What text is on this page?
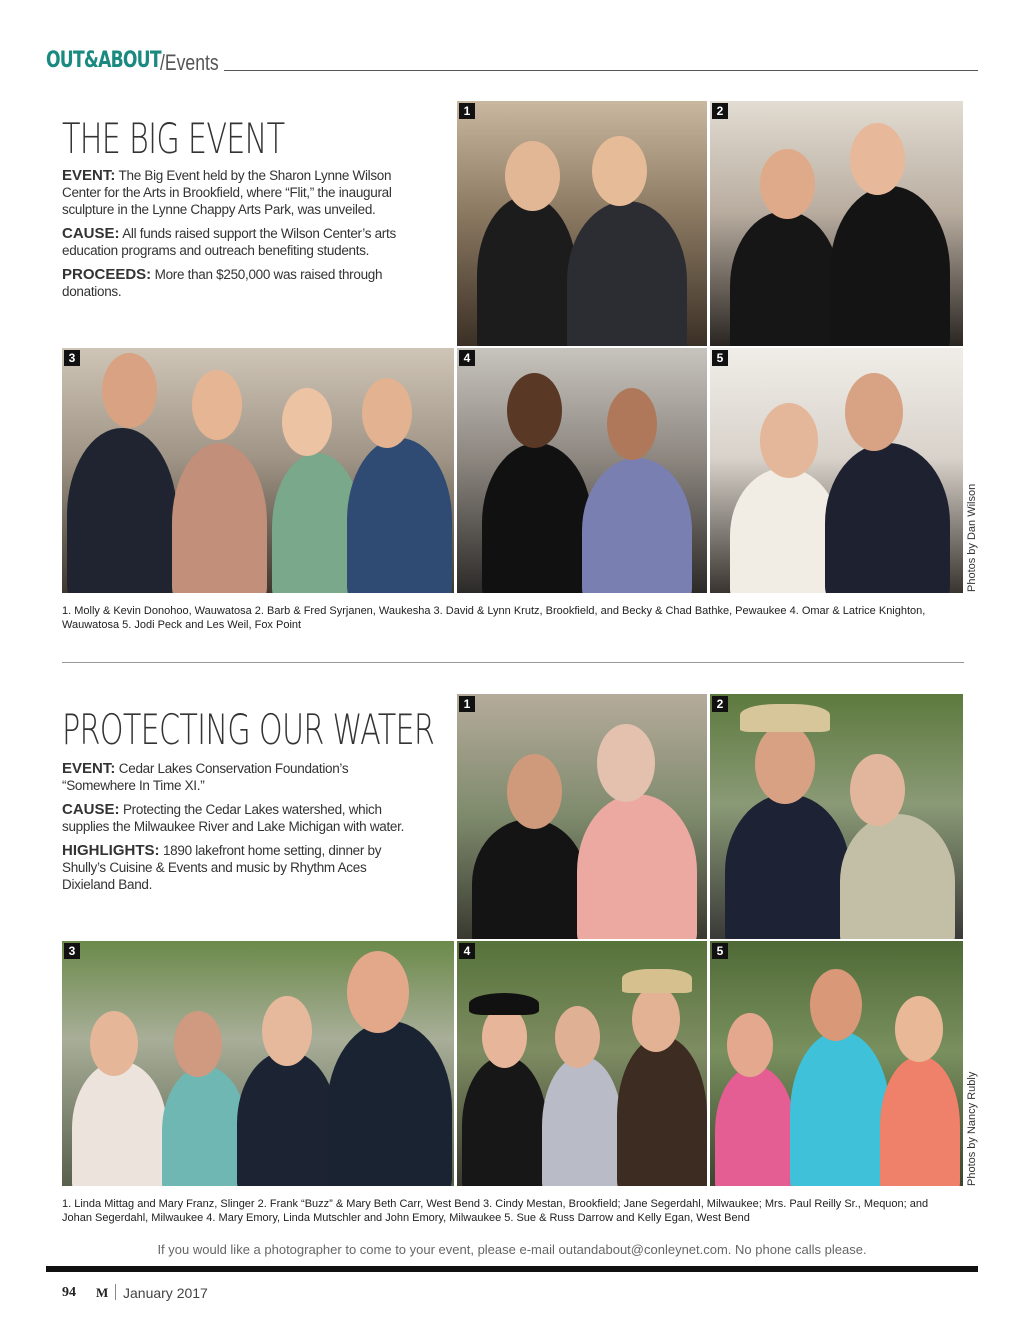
OUT&ABOUT /Events
THE BIG EVENT

EVENT: The Big Event held by the Sharon Lynne Wilson Center for the Arts in Brookfield, where “Flit,” the inaugural sculpture in the Lynne Chappy Arts Park, was unveiled.

CAUSE: All funds raised support the Wilson Center’s arts education programs and outreach benefiting students.

PROCEEDS: More than $250,000 was raised through donations.

1	2
3	4	5
Photos by Dan Wilson
1. Molly & Kevin Donohoo, Wauwatosa 2. Barb & Fred Syrjanen, Waukesha 3. David & Lynn Krutz, Brookfield, and Becky & Chad Bathke, Pewaukee 4. Omar & Latrice Knighton, Wauwatosa 5. Jodi Peck and Les Weil, Fox Point
PROTECTING OUR WATER

EVENT: Cedar Lakes Conservation Foundation’s “Somewhere In Time XI.”

CAUSE: Protecting the Cedar Lakes watershed, which supplies the Milwaukee River and Lake Michigan with water.

HIGHLIGHTS: 1890 lakefront home setting, dinner by Shully’s Cuisine & Events and music by Rhythm Aces Dixieland Band.

1	2
3	4	5
Photos by Nancy Rubly
1. Linda Mittag and Mary Franz, Slinger 2. Frank “Buzz” & Mary Beth Carr, West Bend 3. Cindy Mestan, Brookfield; Jane Segerdahl, Milwaukee; Mrs. Paul Reilly Sr., Mequon; and Johan Segerdahl, Milwaukee 4. Mary Emory, Linda Mutschler and John Emory, Milwaukee 5. Sue & Russ Darrow and Kelly Egan, West Bend
If you would like a photographer to come to your event, please e-mail outandabout@conleynet.com. No phone calls please.
94 M January 2017
